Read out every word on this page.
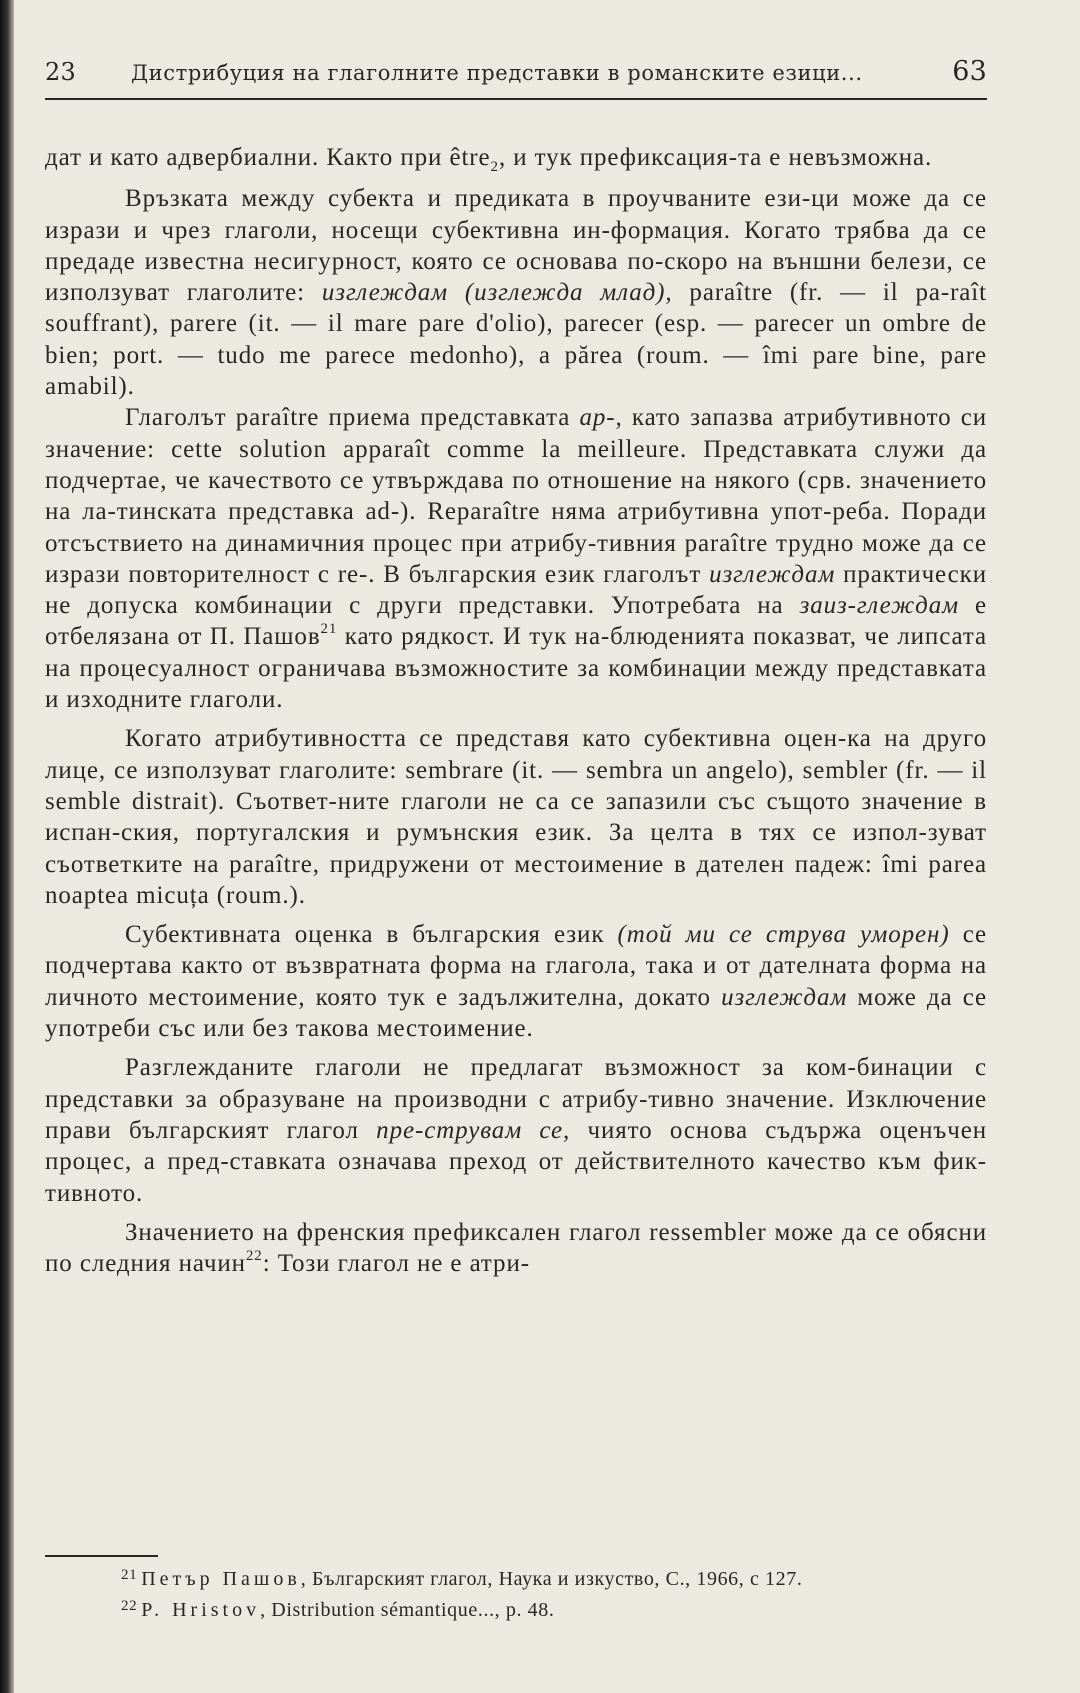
23	Дистрибуция на глаголните представки в романските езици...	63

дат и като адвербиални. Както при être$_2$, и тук префиксация-та е невъзможна.

Връзката между субекта и предиката в проучваните ези-ци може да се изрази и чрез глаголи, носещи субективна ин-формация. Когато трябва да се предаде известна несигурност, която се основава по-скоро на външни белези, се използуват глаголите: изглеждам (изглежда млад), paraître (fr. — il pa-raît souffrant), parere (it. — il mare pare d'olio), parecer (esp. — parecer un ombre de bien; port. — tudo me parece medonho), a părea (roum. — îmi pare bine, pare amabil).

Глаголът paraître приема представката ap-, като запазва атрибутивното си значение: cette solution apparaît comme la meilleure. Представката служи да подчертае, че качеството се утвърждава по отношение на някого (срв. значението на ла-тинската представка ad-). Reparaître няма атрибутивна упот-реба. Поради отсъствието на динамичния процес при атрибу-тивния paraître трудно може да се изрази повторителност с re-. В българския език глаголът изглеждам практически не допуска комбинации с други представки. Употребата на заиз-глеждам е отбелязана от П. Пашов$^{21}$ като рядкост. И тук на-блюденията показват, че липсата на процесуалност ограничава възможностите за комбинации между представката и изходните глаголи.

Когато атрибутивността се представя като субективна оцен-ка на друго лице, се използуват глаголите: sembrare (it. — sembra un angelo), sembler (fr. — il semble distrait). Съответ-ните глаголи не са се запазили със същото значение в испан-ския, португалския и румънския език. За целта в тях се изпол-зуват съответките на paraître, придружени от местоимение в дателен падеж: îmi parea noaptea micuța (roum.).

Субективната оценка в българския език (той ми се струва уморен) се подчертава както от възвратната форма на глагола, така и от дателната форма на личното местоимение, която тук е задължителна, докато изглеждам може да се употреби със или без такова местоимение.

Разглежданите глаголи не предлагат възможност за ком-бинации с представки за образуване на производни с атрибу-тивно значение. Изключение прави българският глагол пре-струвам се, чиято основа съдържа оценъчен процес, а пред-ставката означава преход от действителното качество към фик-тивното.

Значението на френския префиксален глагол ressembler може да се обясни по следния начин$^{22}$: Този глагол не е атри-

$^{21}$ Петър Пашов, Българският глагол, Наука и изкуство, С., 1966, с 127.

$^{22}$ P. Hristov, Distribution sémantique..., p. 48.
